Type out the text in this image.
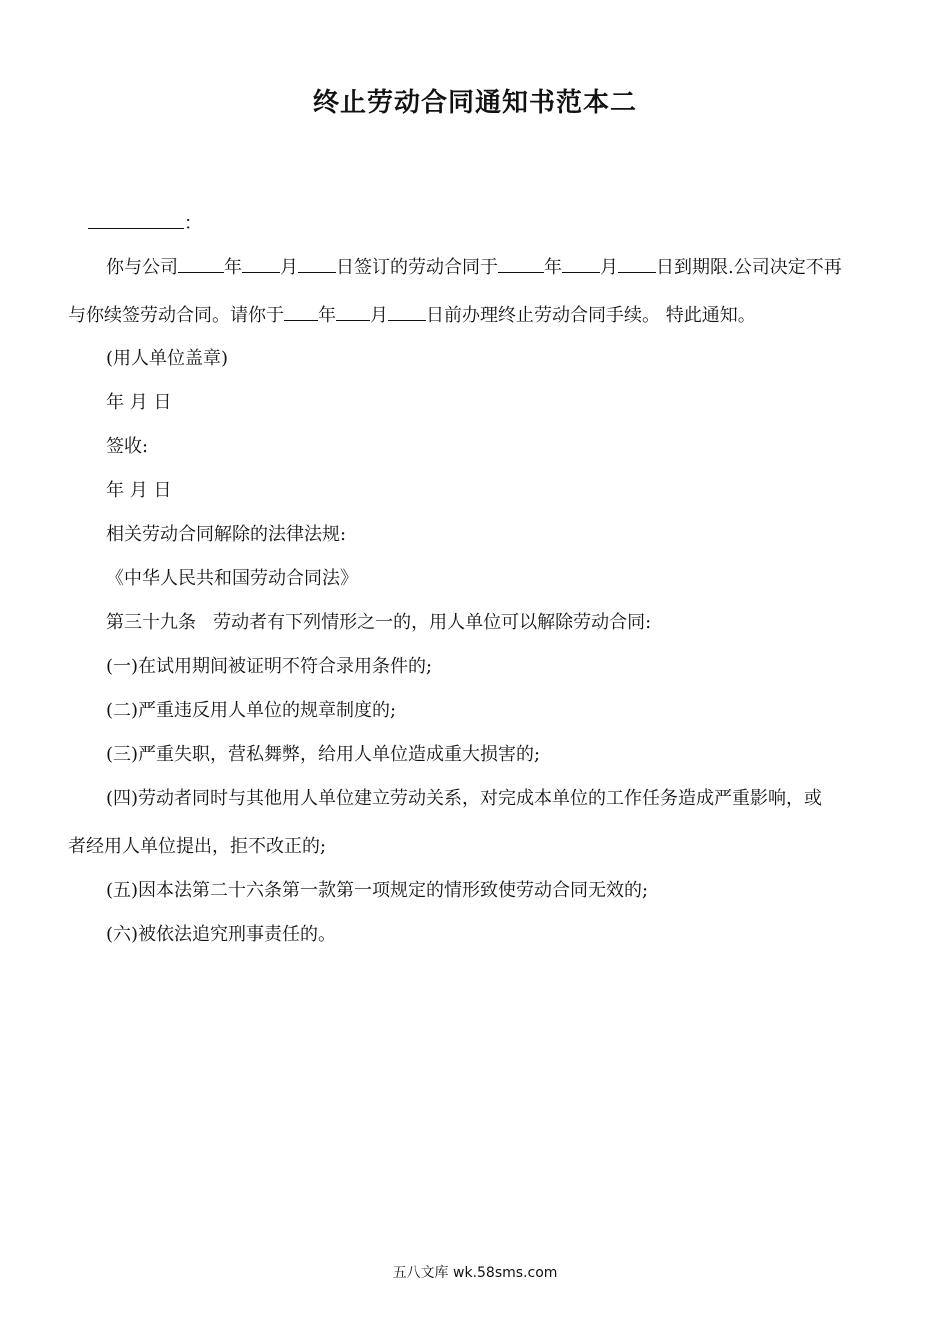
终止劳动合同通知书范本二
：
你与公司	年 月 日签订的劳动合同于	年 月 日到期限.公司决定不再
与你续签劳动合同。请你于 年 月 日前办理终止劳动合同手续。 特此通知。
(用人单位盖章)
年 月 日
签收:
年 月 日
相关劳动合同解除的法律法规:
《中华人民共和国劳动合同法》
第三十九条   劳动者有下列情形之一的，用人单位可以解除劳动合同:
(一)在试用期间被证明不符合录用条件的;
(二)严重违反用人单位的规章制度的;
(三)严重失职，营私舞弊，给用人单位造成重大损害的;
(四)劳动者同时与其他用人单位建立劳动关系，对完成本单位的工作任务造成严重影响，或
者经用人单位提出，拒不改正的;
(五)因本法第二十六条第一款第一项规定的情形致使劳动合同无效的;
(六)被依法追究刑事责任的。
五八文库 wk.58sms.com
